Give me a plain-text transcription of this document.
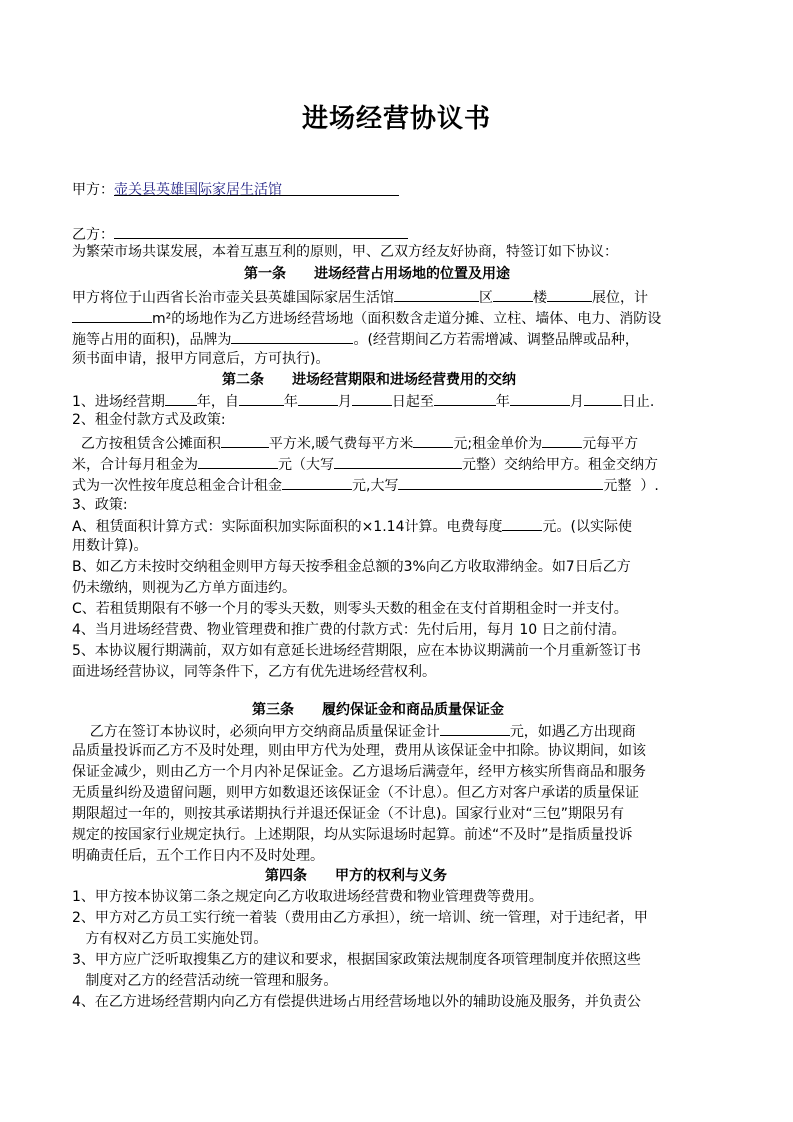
进场经营协议书
甲方：壶关县英雄国际家居生活馆
乙方：
为繁荣市场共谋发展，本着互惠互利的原则，甲、乙双方经友好协商，特签订如下协议：
第一条　　进场经营占用场地的位置及用途
甲方将位于山西省长治市壶关县英雄国际家居生活馆	区	楼	展位，计
m²的场地作为乙方进场经营场地（面积数含走道分摊、立柱、墙体、电力、消防设
施等占用的面积)，品牌为	。(经营期间乙方若需增减、调整品牌或品种，
须书面申请，报甲方同意后，方可执行)。
第二条　　进场经营期限和进场经营费用的交纳
1、进场经营期 年，自	年	月	日起至	年	月	日止.
2、租金付款方式及政策:
乙方按租赁含公摊面积	平方米,暖气费每平方米	元;租金单价为	元每平方
米，合计每月租金为	元（大写	元整）交纳给甲方。租金交纳方
式为一次性按年度总租金合计租金	元,大写	元整  ）.
3、政策:
A、租赁面积计算方式：实际面积加实际面积的×1.14计算。电费每度	元。(以实际使
用数计算)。
B、如乙方未按时交纳租金则甲方每天按季租金总额的3%向乙方收取滞纳金。如7日后乙方
仍未缴纳，则视为乙方单方面违约。
C、若租赁期限有不够一个月的零头天数，则零头天数的租金在支付首期租金时一并支付。
4、当月进场经营费、物业管理费和推广费的付款方式：先付后用，每月 10 日之前付清。
5、本协议履行期满前，双方如有意延长进场经营期限，应在本协议期满前一个月重新签订书
面进场经营协议，同等条件下，乙方有优先进场经营权利。
第三条　　履约保证金和商品质量保证金
乙方在签订本协议时，必须向甲方交纳商品质量保证金计	元，如遇乙方出现商
品质量投诉而乙方不及时处理，则由甲方代为处理，费用从该保证金中扣除。协议期间，如该
保证金减少，则由乙方一个月内补足保证金。乙方退场后满壹年，经甲方核实所售商品和服务
无质量纠纷及遗留问题，则甲方如数退还该保证金（不计息）。但乙方对客户承诺的质量保证
期限超过一年的，则按其承诺期执行并退还保证金（不计息)。国家行业对“三包”期限另有
规定的按国家行业规定执行。上述期限，均从实际退场时起算。前述“不及时”是指质量投诉
明确责任后，五个工作日内不及时处理。
第四条　　甲方的权利与义务
1、甲方按本协议第二条之规定向乙方收取进场经营费和物业管理费等费用。
2、甲方对乙方员工实行统一着装（费用由乙方承担），统一培训、统一管理，对于违纪者，甲
方有权对乙方员工实施处罚。
3、甲方应广泛听取搜集乙方的建议和要求，根据国家政策法规制度各项管理制度并依照这些
制度对乙方的经营活动统一管理和服务。
4、在乙方进场经营期内向乙方有偿提供进场占用经营场地以外的辅助设施及服务，并负责公
